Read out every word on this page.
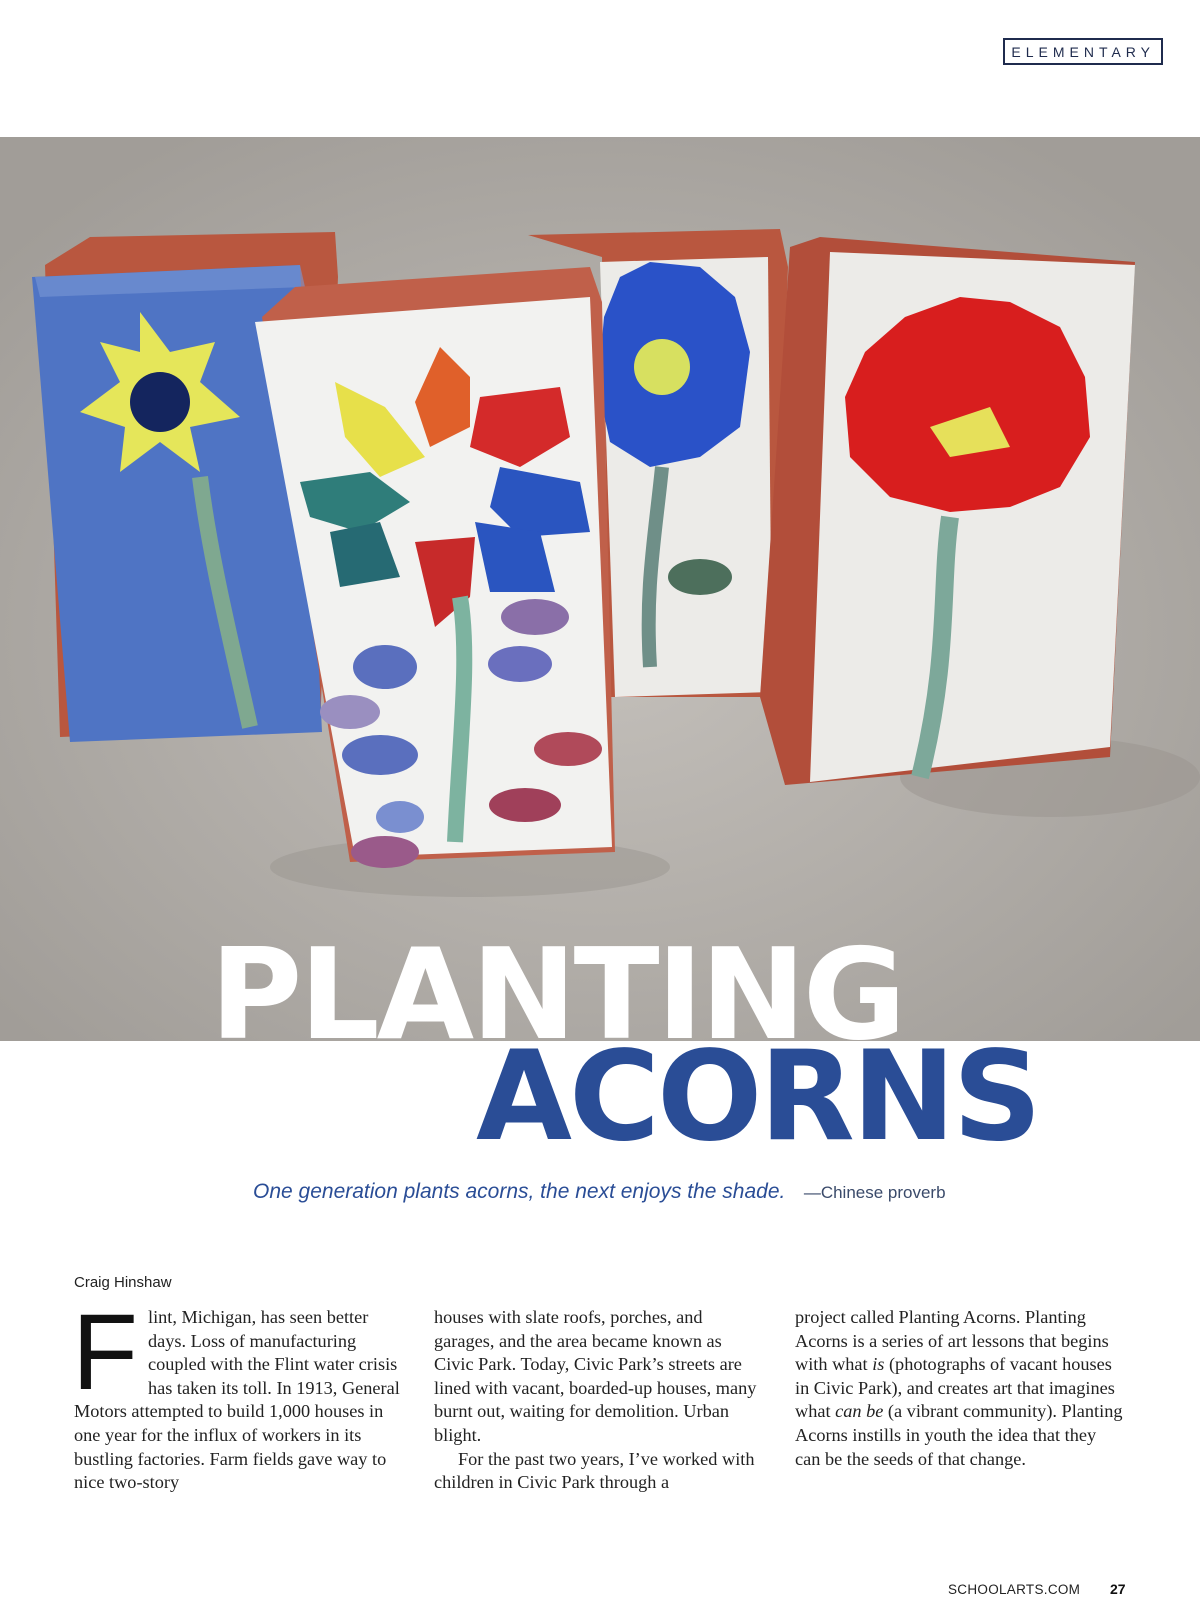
ELEMENTARY
PLANTING
ACORNS
One generation plants acorns, the next enjoys the shade. —Chinese proverb
Craig Hinshaw
F lint, Michigan, has seen better days. Loss of manufacturing coupled with the Flint water crisis has taken its toll. In 1913, General Motors attempted to build 1,000 houses in one year for the influx of workers in its bustling factories. Farm fields gave way to nice two-story

houses with slate roofs, porches, and garages, and the area became known as Civic Park. Today, Civic Park’s streets are lined with vacant, boarded-up houses, many burnt out, waiting for demolition. Urban blight.

For the past two years, I’ve worked with children in Civic Park through a

project called Planting Acorns. Planting Acorns is a series of art lessons that begins with what is (photographs of vacant houses in Civic Park), and creates art that imagines what can be (a vibrant community). Planting Acorns instills in youth the idea that they can be the seeds of that change.

SCHOOLARTS.COM 27
